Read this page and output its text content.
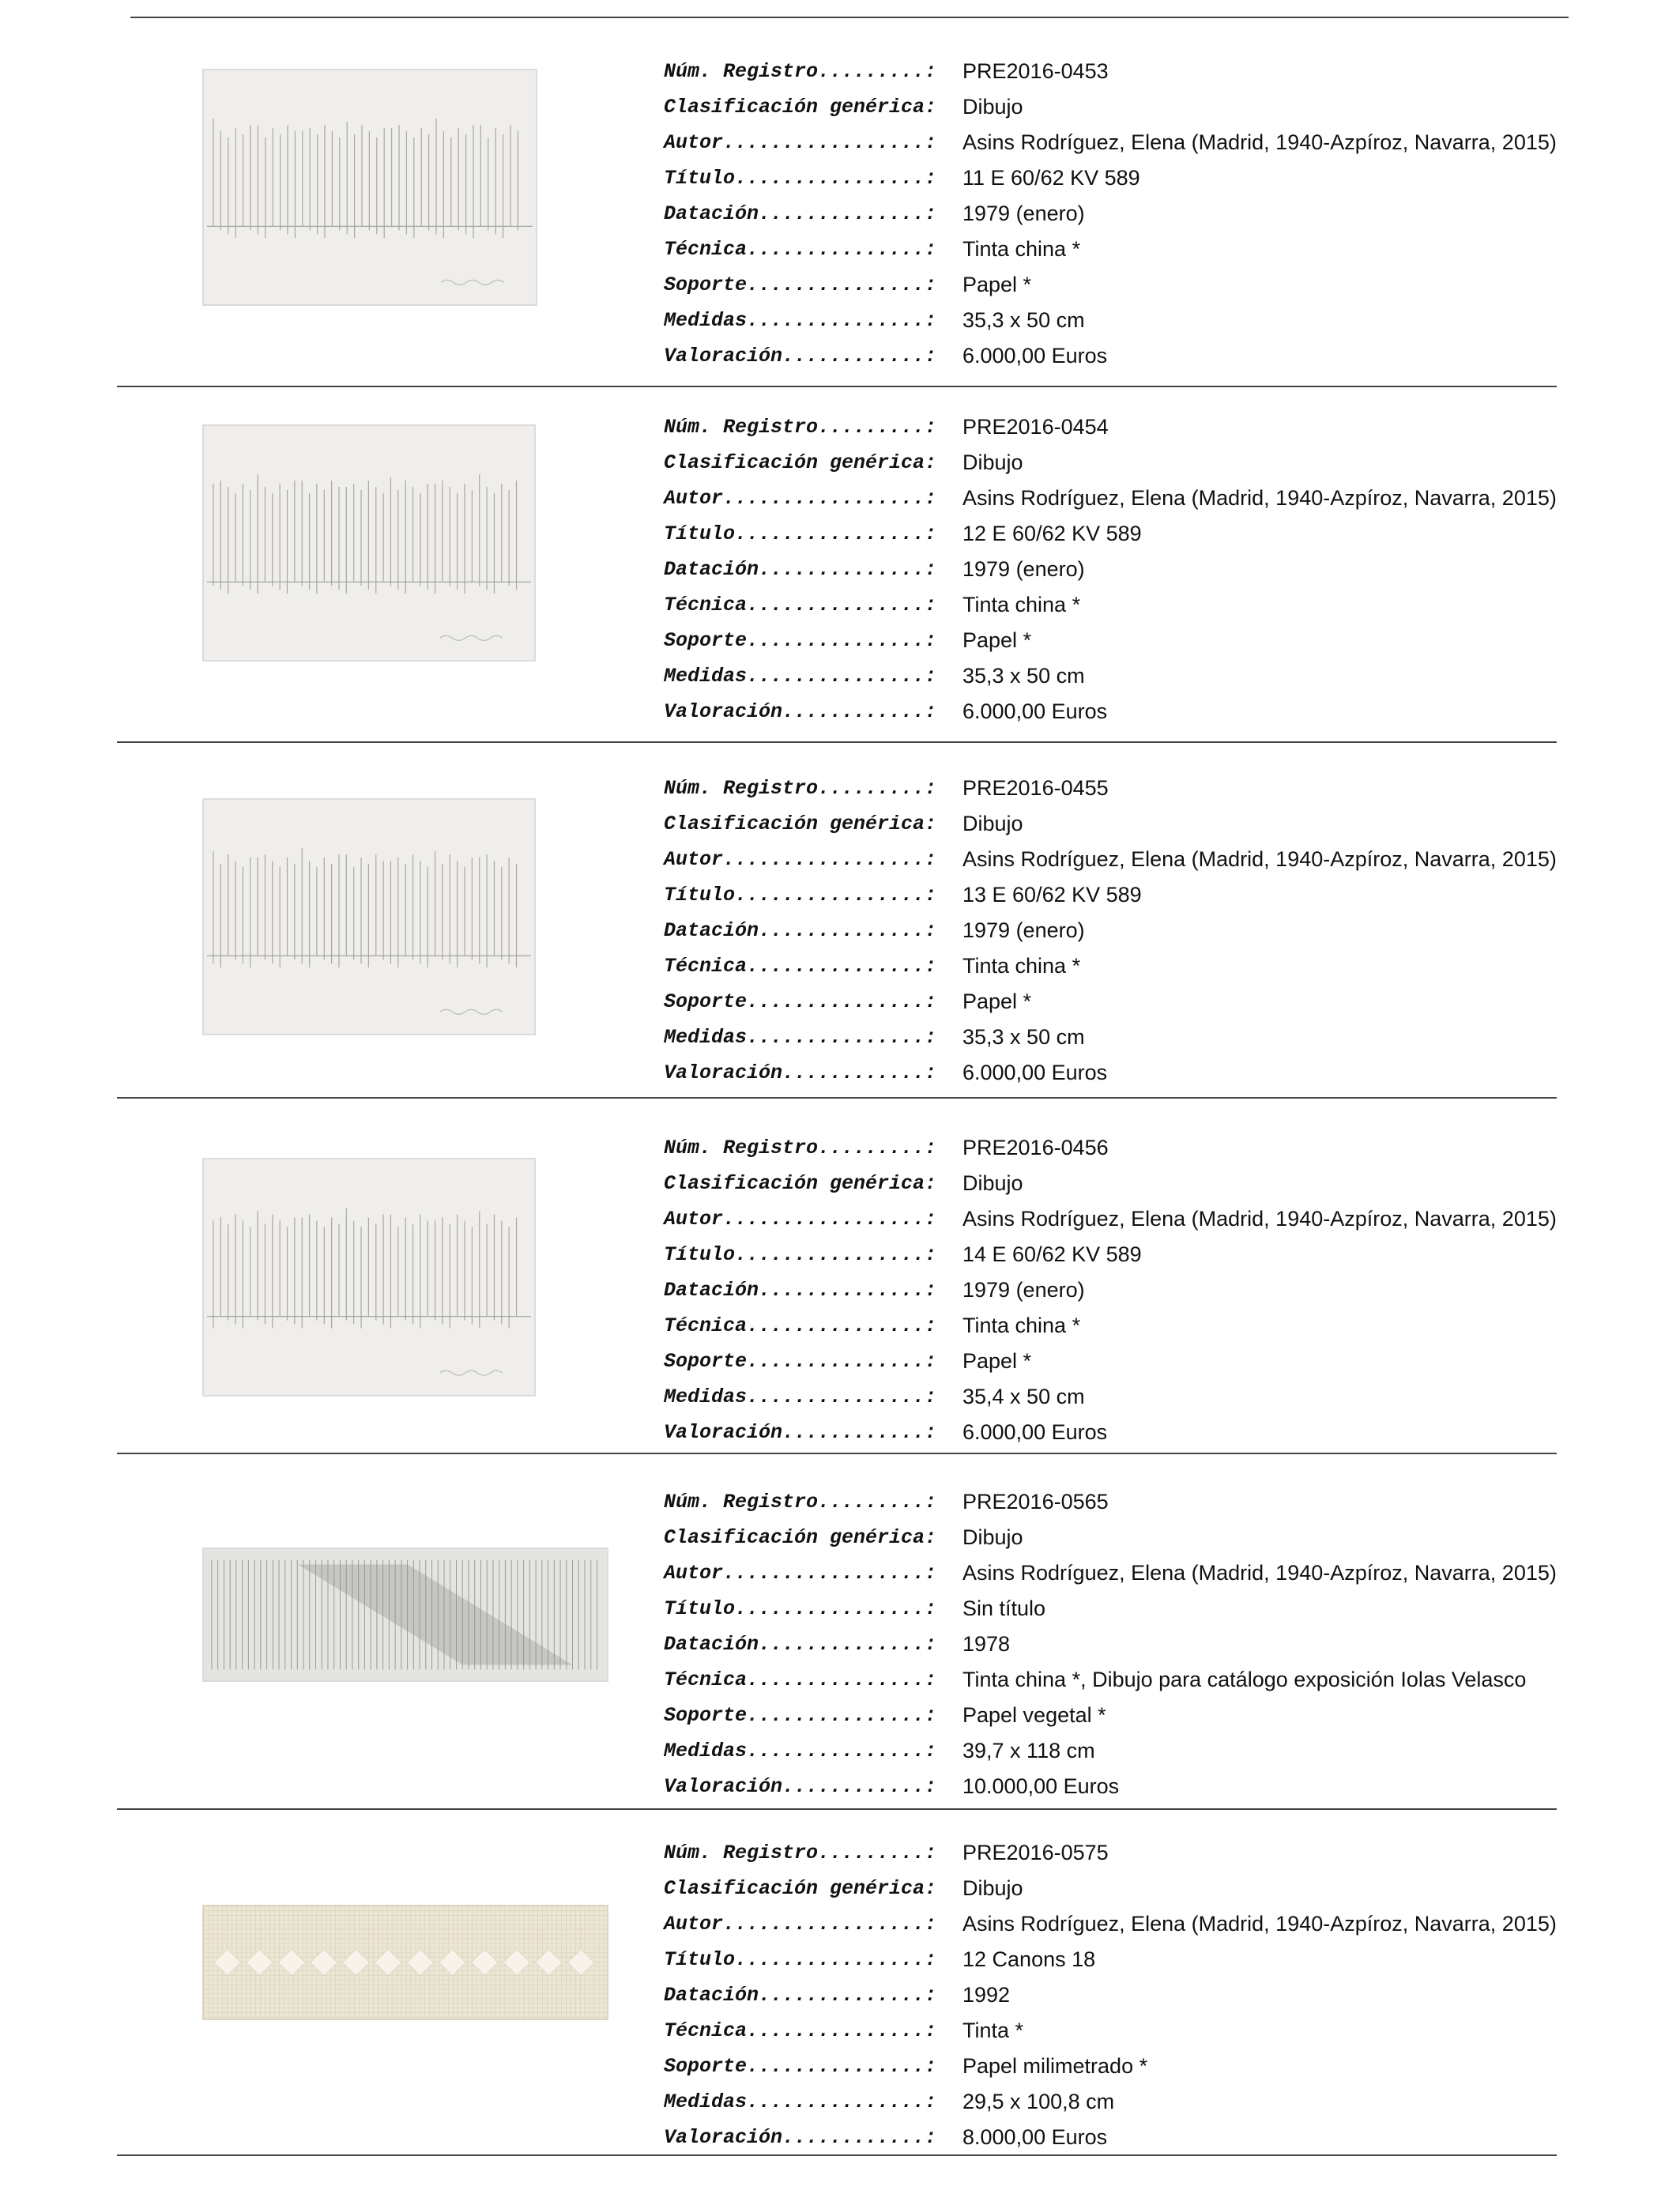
Núm. Registro.........:	PRE2016-0453
Clasificación genérica:	Dibujo
Autor.................:	Asins Rodríguez, Elena (Madrid, 1940-Azpíroz, Navarra, 2015)
Título................:	11 E 60/62 KV 589
Datación..............:	1979 (enero)
Técnica...............:	Tinta china *
Soporte...............:	Papel *
Medidas...............:	35,3 x 50 cm
Valoración............:	6.000,00 Euros
Núm. Registro.........:	PRE2016-0454
Clasificación genérica:	Dibujo
Autor.................:	Asins Rodríguez, Elena (Madrid, 1940-Azpíroz, Navarra, 2015)
Título................:	12 E 60/62 KV 589
Datación..............:	1979 (enero)
Técnica...............:	Tinta china *
Soporte...............:	Papel *
Medidas...............:	35,3 x 50 cm
Valoración............:	6.000,00 Euros
Núm. Registro.........:	PRE2016-0455
Clasificación genérica:	Dibujo
Autor.................:	Asins Rodríguez, Elena (Madrid, 1940-Azpíroz, Navarra, 2015)
Título................:	13 E 60/62 KV 589
Datación..............:	1979 (enero)
Técnica...............:	Tinta china *
Soporte...............:	Papel *
Medidas...............:	35,3 x 50 cm
Valoración............:	6.000,00 Euros
Núm. Registro.........:	PRE2016-0456
Clasificación genérica:	Dibujo
Autor.................:	Asins Rodríguez, Elena (Madrid, 1940-Azpíroz, Navarra, 2015)
Título................:	14 E 60/62 KV 589
Datación..............:	1979 (enero)
Técnica...............:	Tinta china *
Soporte...............:	Papel *
Medidas...............:	35,4 x 50 cm
Valoración............:	6.000,00 Euros
Núm. Registro.........:	PRE2016-0565
Clasificación genérica:	Dibujo
Autor.................:	Asins Rodríguez, Elena (Madrid, 1940-Azpíroz, Navarra, 2015)
Título................:	Sin título
Datación..............:	1978
Técnica...............:	Tinta china *, Dibujo para catálogo exposición Iolas Velasco
Soporte...............:	Papel vegetal *
Medidas...............:	39,7 x 118 cm
Valoración............:	10.000,00 Euros
Núm. Registro.........:	PRE2016-0575
Clasificación genérica:	Dibujo
Autor.................:	Asins Rodríguez, Elena (Madrid, 1940-Azpíroz, Navarra, 2015)
Título................:	12 Canons 18
Datación..............:	1992
Técnica...............:	Tinta *
Soporte...............:	Papel milimetrado *
Medidas...............:	29,5 x 100,8 cm
Valoración............:	8.000,00 Euros
